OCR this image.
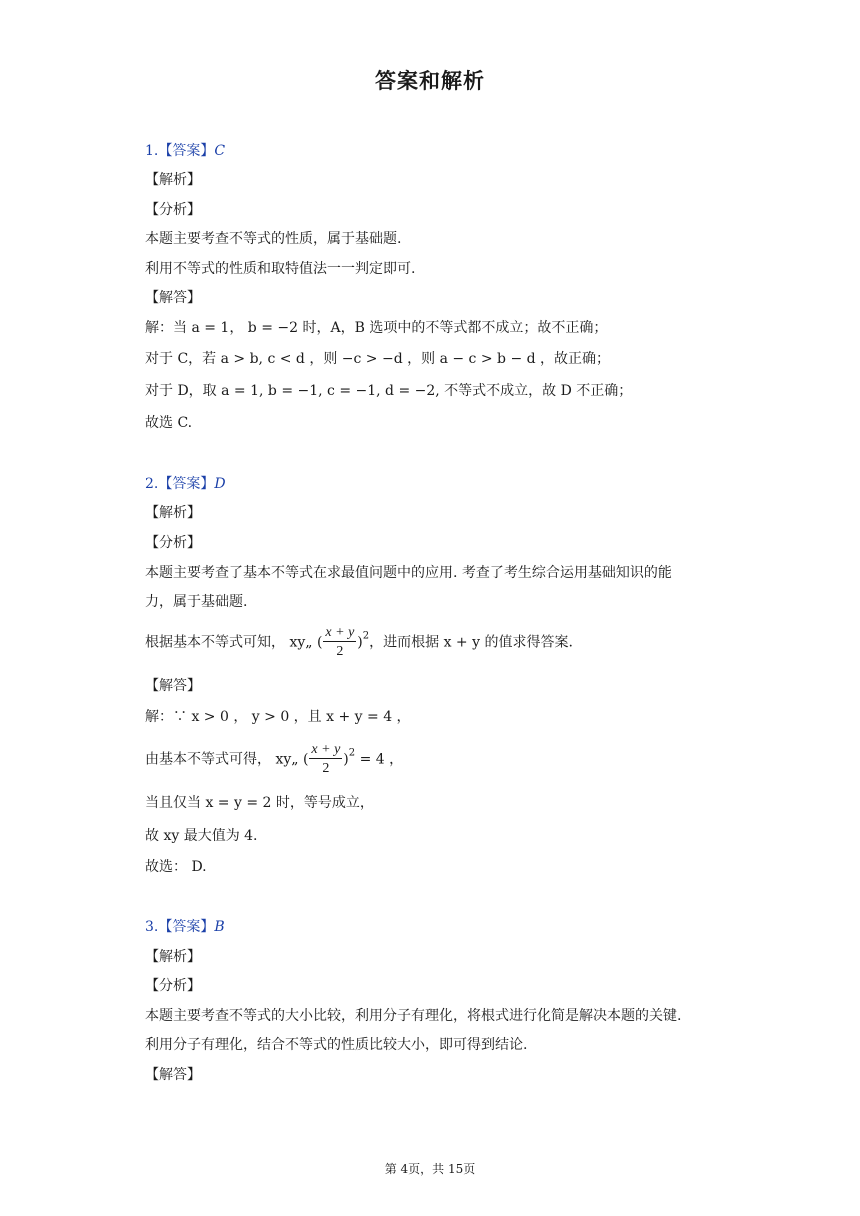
答案和解析
1.【答案】C
【解析】
【分析】
本题主要考查不等式的性质，属于基础题.
利用不等式的性质和取特值法一一判定即可.
【解答】
解：当 a = 1， b = −2 时，A，B 选项中的不等式都不成立；故不正确；
对于 C，若 a > b, c < d ，则 −c > −d ，则 a − c > b − d ，故正确；
对于 D，取 a = 1, b = −1, c = −1, d = −2, 不等式不成立，故 D 不正确；
故选 C.
2.【答案】D
【解析】
【分析】
本题主要考查了基本不等式在求最值问题中的应用. 考查了考生综合运用基础知识的能
力，属于基础题.
根据基本不等式可知， xy„ ( $\frac{x + y}{2} )^2$，进而根据 x + y 的值求得答案.
【解答】
解：∵ x > 0 ， y > 0 ，且 x + y = 4 ，
由基本不等式可得， xy„ ( $\frac{x + y}{2} )^2 = 4$ ，
当且仅当 x = y = 2 时，等号成立，
故 xy 最大值为 4.
故选： D.
3.【答案】B
【解析】
【分析】
本题主要考查不等式的大小比较，利用分子有理化，将根式进行化简是解决本题的关键.
利用分子有理化，结合不等式的性质比较大小，即可得到结论.
【解答】
第 4页，共 15页
